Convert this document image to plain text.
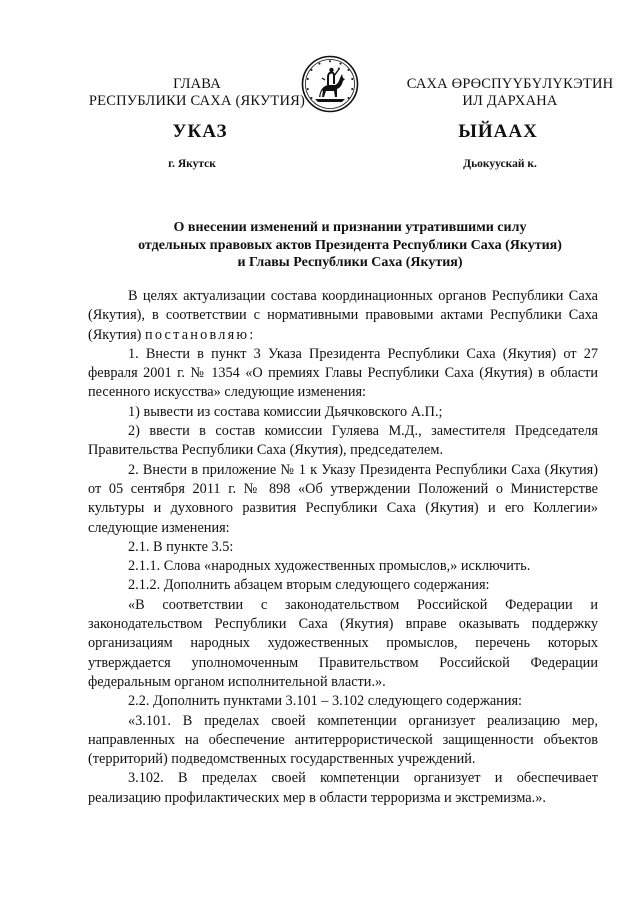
ГЛАВА
РЕСПУБЛИКИ САХА (ЯКУТИЯ)
САХА ӨРӨСПҮҮБҮЛҮКЭТИН
ИЛ ДАРХАНА
УКАЗ	ЫЙААХ
г. Якутск	Дьокуускай к.
О внесении изменений и признании утратившими силу
отдельных правовых актов Президента Республики Саха (Якутия)
и Главы Республики Саха (Якутия)

В целях актуализации состава координационных органов Республики Саха (Якутия), в соответствии с нормативными правовыми актами Республики Саха (Якутия) постановляю:

1. Внести в пункт 3 Указа Президента Республики Саха (Якутия) от 27 февраля 2001 г. № 1354 «О премиях Главы Республики Саха (Якутия) в области песенного искусства» следующие изменения:

1) вывести из состава комиссии Дьячковского А.П.;

2) ввести в состав комиссии Гуляева М.Д., заместителя Председателя Правительства Республики Саха (Якутия), председателем.

2. Внести в приложение № 1 к Указу Президента Республики Саха (Якутия) от 05 сентября 2011 г. № 898 «Об утверждении Положений о Министерстве культуры и духовного развития Республики Саха (Якутия) и его Коллегии» следующие изменения:

2.1. В пункте 3.5:

2.1.1. Слова «народных художественных промыслов,» исключить.

2.1.2. Дополнить абзацем вторым следующего содержания:

«В соответствии с законодательством Российской Федерации и законодательством Республики Саха (Якутия) вправе оказывать поддержку организациям народных художественных промыслов, перечень которых утверждается уполномоченным Правительством Российской Федерации федеральным органом исполнительной власти.».

2.2. Дополнить пунктами 3.101 – 3.102 следующего содержания:

«3.101. В пределах своей компетенции организует реализацию мер, направленных на обеспечение антитеррористической защищенности объектов (территорий) подведомственных государственных учреждений.

3.102. В пределах своей компетенции организует и обеспечивает реализацию профилактических мер в области терроризма и экстремизма.».
